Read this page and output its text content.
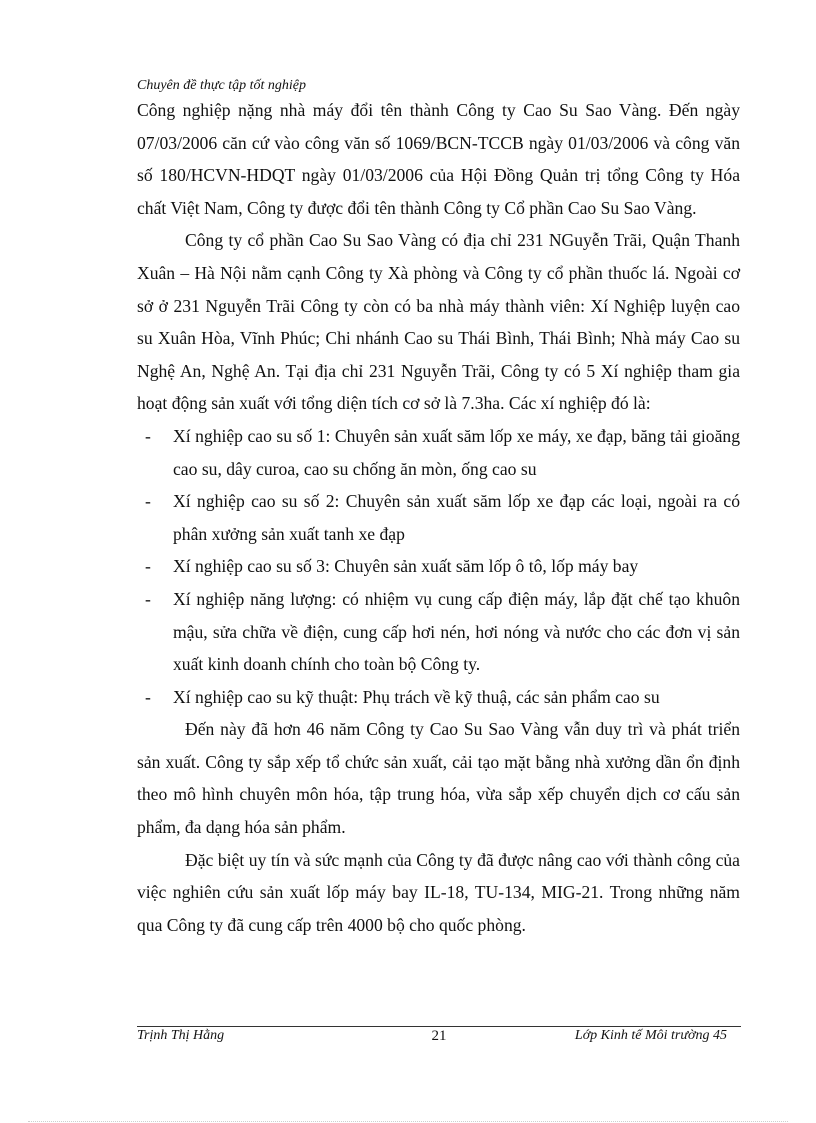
Chuyên đề thực tập tốt nghiệp

Công nghiệp nặng nhà máy đổi tên thành Công ty Cao Su Sao Vàng. Đến ngày 07/03/2006 căn cứ vào công văn số 1069/BCN-TCCB ngày 01/03/2006 và công văn số 180/HCVN-HDQT ngày 01/03/2006 của Hội Đồng Quản trị tổng Công ty Hóa chất Việt Nam, Công ty được đổi tên thành Công ty Cổ phần Cao Su Sao Vàng.

Công ty cổ phần Cao Su Sao Vàng có địa chỉ 231 NGuyễn Trãi, Quận Thanh Xuân – Hà Nội nằm cạnh Công ty Xà phòng và Công ty cổ phần thuốc lá. Ngoài cơ sở ở 231 Nguyễn Trãi Công ty còn có ba nhà máy thành viên: Xí Nghiệp luyện cao su Xuân Hòa, Vĩnh Phúc; Chi nhánh Cao su Thái Bình, Thái Bình; Nhà máy Cao su Nghệ An, Nghệ An. Tại địa chỉ 231 Nguyễn Trãi, Công ty có 5 Xí nghiệp tham gia hoạt động sản xuất với tổng diện tích cơ sở là 7.3ha. Các xí nghiệp đó là:

- Xí nghiệp cao su số 1: Chuyên sản xuất săm lốp xe máy, xe đạp, băng tải gioăng cao su, dây curoa, cao su chống ăn mòn, ống cao su
- Xí nghiệp cao su số 2: Chuyên sản xuất săm lốp xe đạp các loại, ngoài ra có phân xưởng sản xuất tanh xe đạp
- Xí nghiệp cao su số 3: Chuyên sản xuất săm lốp ô tô, lốp máy bay
- Xí nghiệp năng lượng: có nhiệm vụ cung cấp điện máy, lắp đặt chế tạo khuôn mậu, sửa chữa về điện, cung cấp hơi nén, hơi nóng và nước cho các đơn vị sản xuất kinh doanh chính cho toàn bộ Công ty.
- Xí nghiệp cao su kỹ thuật: Phụ trách về kỹ thuậ, các sản phẩm cao su

Đến này đã hơn 46 năm Công ty Cao Su Sao Vàng vẫn duy trì và phát triển sản xuất. Công ty sắp xếp tổ chức sản xuất, cải tạo mặt bằng nhà xưởng dần ổn định theo mô hình chuyên môn hóa, tập trung hóa, vừa sắp xếp chuyển dịch cơ cấu sản phẩm, đa dạng hóa sản phẩm.

Đặc biệt uy tín và sức mạnh của Công ty đã được nâng cao với thành công của việc nghiên cứu sản xuất lốp máy bay IL-18, TU-134, MIG-21. Trong những năm qua Công ty đã cung cấp trên 4000 bộ cho quốc phòng.

Trịnh Thị Hằng	21	Lớp Kinh tế Môi trường 45
